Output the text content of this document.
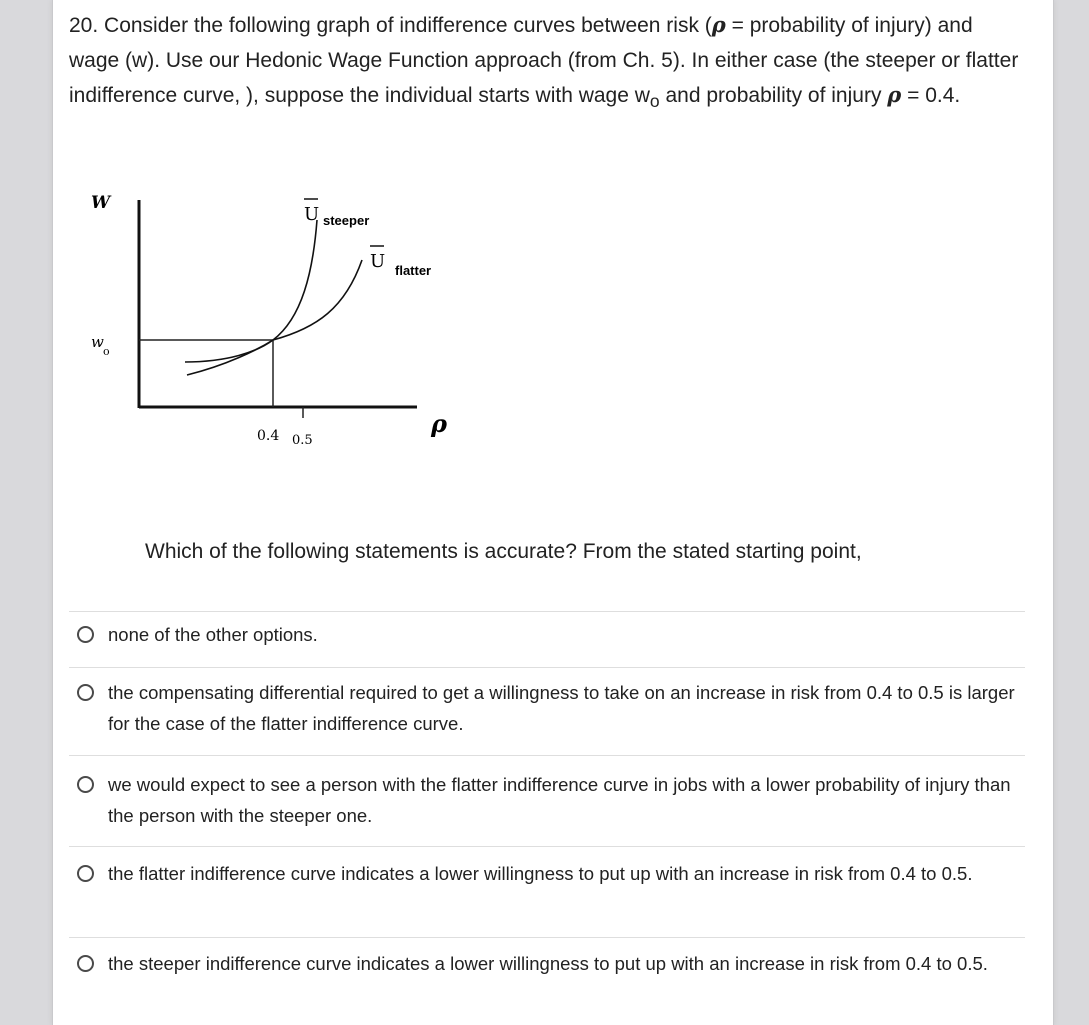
20. Consider the following graph of indifference curves between risk (ρ = probability of injury) and wage (w). Use our Hedonic Wage Function approach (from Ch. 5). In either case (the steeper or flatter indifference curve, ), suppose the individual starts with wage $w_o$ and probability of injury ρ = 0.4.
W
w
o
0.4 0.5
ρ
U steeper
U flatter
Which of the following statements is accurate? From the stated starting point,
none of the other options.
the compensating differential required to get a willingness to take on an increase in risk from 0.4 to 0.5 is larger for the case of the flatter indifference curve.
we would expect to see a person with the flatter indifference curve in jobs with a lower probability of injury than the person with the steeper one.
the flatter indifference curve indicates a lower willingness to put up with an increase in risk from 0.4 to 0.5.
the steeper indifference curve indicates a lower willingness to put up with an increase in risk from 0.4 to 0.5.
